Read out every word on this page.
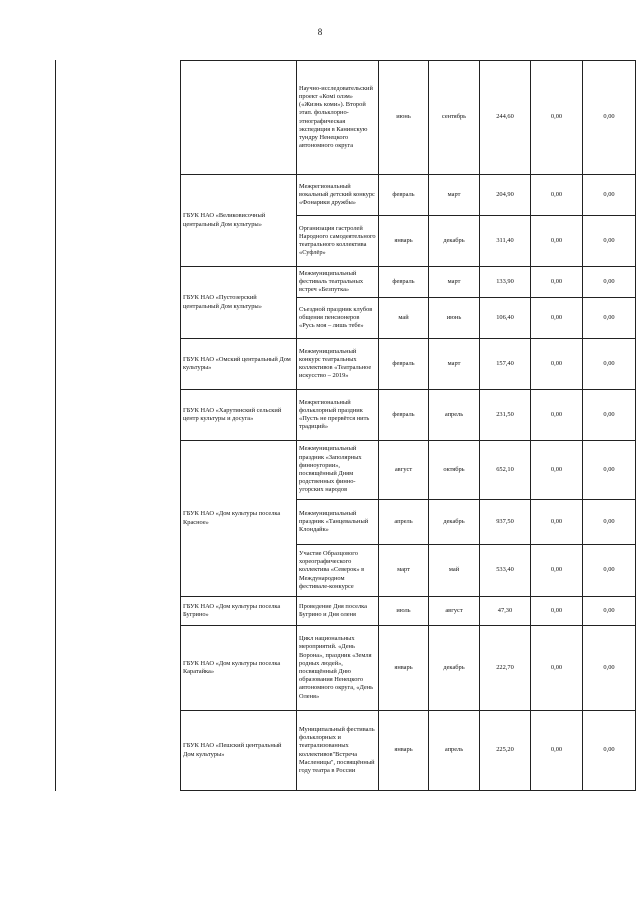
8
	Научно-исследовательский проект «Комі олэм» («Жизнь коми»). Второй этап. фольклорно-этнографическая экспедиция в Канинскую тундру Ненецкого автономного округа	июнь	сентябрь	244,60	0,00	0,00
ГБУК НАО «Великовисочный центральный Дом культуры»	Межрегиональный вокальный детский конкурс «Фонарики дружбы»	февраль	март	204,90	0,00	0,00
	Организация гастролей Народного самодеятельного театрального коллектива «Суфлёр»	январь	декабрь	311,40	0,00	0,00
ГБУК НАО «Пустозерский центральный Дом культуры»	Межмуниципальный фестиваль театральных встреч «Безпутка»	февраль	март	133,90	0,00	0,00
	Съездной праздник клубов общения пенсионеров «Русь моя – лишь тебе»	май	июнь	106,40	0,00	0,00
ГБУК НАО «Омский центральный Дом культуры»	Межмуниципальный конкурс театральных коллективов «Театральное искусство – 2019»	февраль	март	157,40	0,00	0,00
ГБУК НАО «Харутинский сельский центр культуры и досуга»	Межрегиональный фольклорный праздник «Пусть не прервётся нить традиций»	февраль	апрель	231,50	0,00	0,00
ГБУК НАО «Дом культуры поселка Красное»	Межмуниципальный праздник «Заполярных финноугории», посвящённый Дням родственных финно-угорских народов	август	октябрь	652,10	0,00	0,00
	Межмуниципальный праздник «Танцевальный Клондайк»	апрель	декабрь	937,50	0,00	0,00
	Участие Образцового хореографического коллектива «Северок» в Международном фестивале-конкурсе	март	май	533,40	0,00	0,00
ГБУК НАО «Дом культуры поселка Бугрино»	Проведение Дня поселка Бугрино и Дня оленя	июль	август	47,30	0,00	0,00
ГБУК НАО «Дом культуры поселка Каратайка»	Цикл национальных мероприятий. «День Ворона», праздник «Земля родных людей», посвящённый Дню образования Ненецкого автономного округа, «День Оленя»	январь	декабрь	222,70	0,00	0,00
ГБУК НАО «Пешский центральный Дом культуры»	Муниципальный фестиваль фольклорных и театрализованных коллективов"Встреча Масленицы", посвящённый году театра в России	январь	апрель	225,20	0,00	0,00
